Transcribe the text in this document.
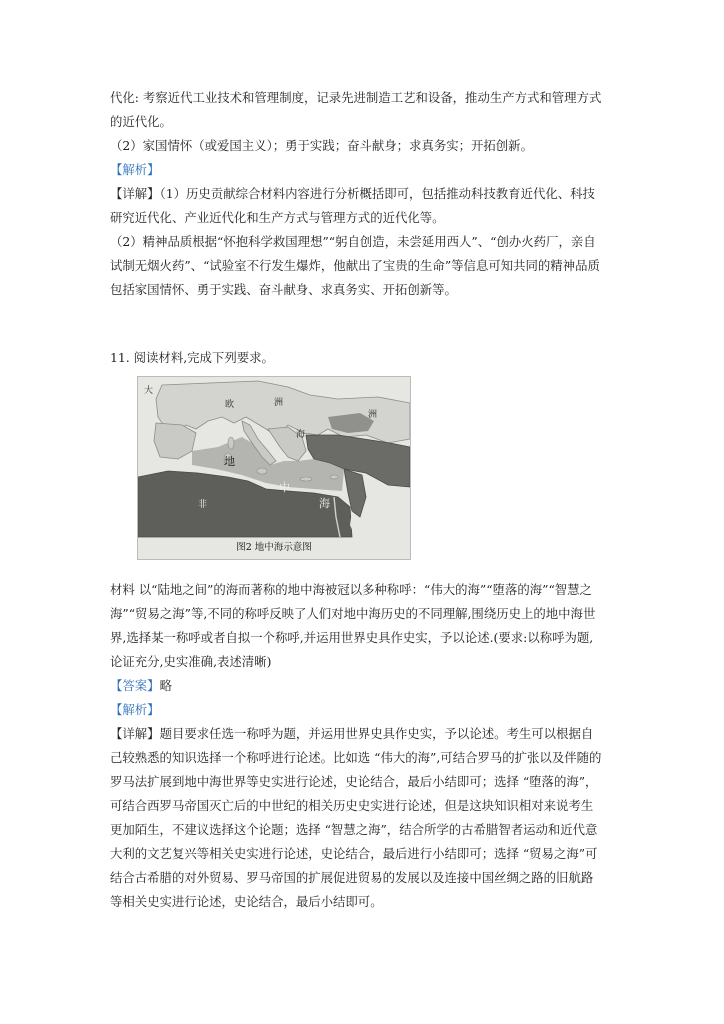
代化: 考察近代工业技术和管理制度，记录先进制造工艺和设备，推动生产方式和管理方式

的近代化。

（2）家国情怀（或爱国主义）；勇于实践；奋斗献身；求真务实；开拓创新。

【解析】

【详解】（1）历史贡献综合材料内容进行分析概括即可，包括推动科技教育近代化、科技

研究近代化、产业近代化和生产方式与管理方式的近代化等。

（2）精神品质根据“怀抱科学救国理想”“躬自创造，未尝延用西人”、“创办火药厂，亲自

试制无烟火药”、“试验室不行发生爆炸，他献出了宝贵的生命”等信息可知共同的精神品质

包括家国情怀、勇于实践、奋斗献身、求真务实、开拓创新等。

11. 阅读材料,完成下列要求。

大
欧	洲
洲
地
中
海
海
非
图2 地中海示意图

材料 以“陆地之间”的海而著称的地中海被冠以多种称呼：“伟大的海”“堕落的海”“智慧之

海”“贸易之海”等,不同的称呼反映了人们对地中海历史的不同理解,围绕历史上的地中海世

界,选择某一称呼或者自拟一个称呼,并运用世界史具作史实，予以论述.(要求:以称呼为题,

论证充分,史实准确,表述清晰)

【答案】略

【解析】

【详解】题目要求任选一称呼为题，并运用世界史具作史实，予以论述。考生可以根据自

己较熟悉的知识选择一个称呼进行论述。比如选 “伟大的海”,可结合罗马的扩张以及伴随的

罗马法扩展到地中海世界等史实进行论述，史论结合，最后小结即可；选择 “堕落的海”，

可结合西罗马帝国灭亡后的中世纪的相关历史史实进行论述，但是这块知识相对来说考生

更加陌生，不建议选择这个论题；选择 “智慧之海”，结合所学的古希腊智者运动和近代意

大利的文艺复兴等相关史实进行论述，史论结合，最后进行小结即可；选择 “贸易之海”可

结合古希腊的对外贸易、罗马帝国的扩展促进贸易的发展以及连接中国丝绸之路的旧航路

等相关史实进行论述，史论结合，最后小结即可。
